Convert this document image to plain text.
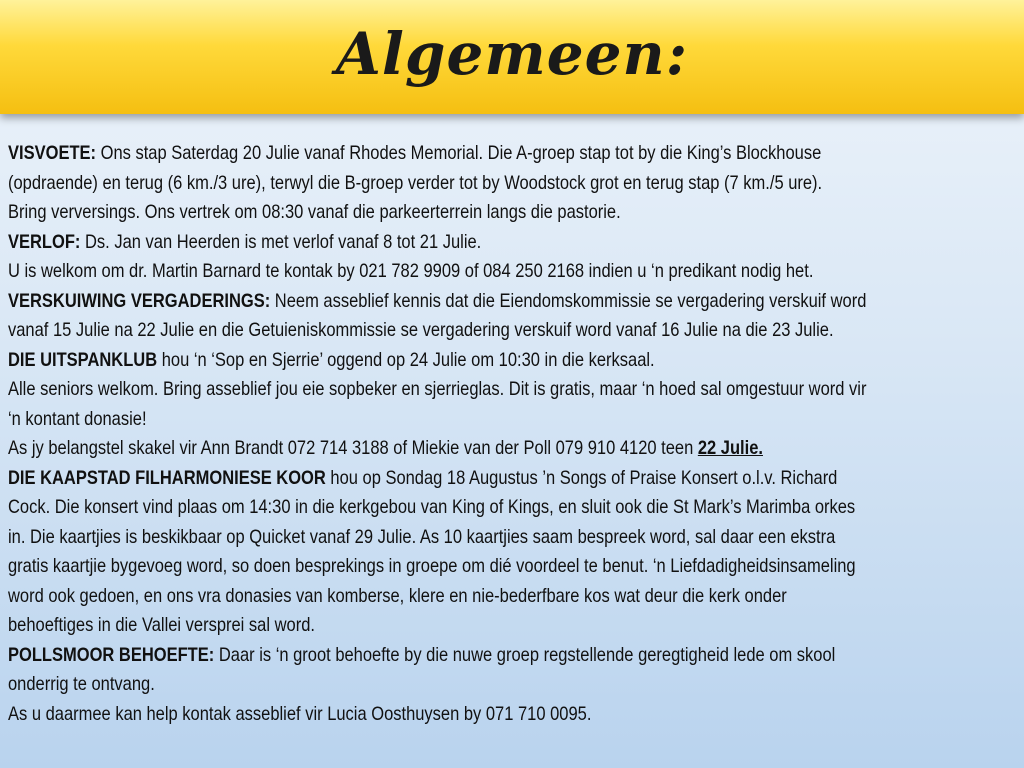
Algemeen:
VISVOETE: Ons stap Saterdag 20 Julie vanaf Rhodes Memorial. Die A-groep stap tot by die King’s Blockhouse
(opdraende) en terug (6 km./3 ure), terwyl die B-groep verder tot by Woodstock grot en terug stap (7 km./5 ure).
Bring verversings. Ons vertrek om 08:30 vanaf die parkeerterrein langs die pastorie.
VERLOF: Ds. Jan van Heerden is met verlof vanaf 8 tot 21 Julie.
U is welkom om dr. Martin Barnard te kontak by 021 782 9909 of 084 250 2168 indien u ‘n predikant nodig het.
VERSKUIWING VERGADERINGS: Neem asseblief kennis dat die Eiendomskommissie se vergadering verskuif word
vanaf 15 Julie na 22 Julie en die Getuieniskommissie se vergadering verskuif word vanaf 16 Julie na die 23 Julie.
DIE UITSPANKLUB hou ‘n ‘Sop en Sjerrie’ oggend op 24 Julie om 10:30 in die kerksaal.
Alle seniors welkom. Bring asseblief jou eie sopbeker en sjerrieglas. Dit is gratis, maar ‘n hoed sal omgestuur word vir
‘n kontant donasie!
As jy belangstel skakel vir Ann Brandt 072 714 3188 of Miekie van der Poll 079 910 4120 teen 22 Julie.
DIE KAAPSTAD FILHARMONIESE KOOR hou op Sondag 18 Augustus ’n Songs of Praise Konsert o.l.v. Richard
Cock. Die konsert vind plaas om 14:30 in die kerkgebou van King of Kings, en sluit ook die St Mark’s Marimba orkes
in. Die kaartjies is beskikbaar op Quicket vanaf 29 Julie. As 10 kaartjies saam bespreek word, sal daar een ekstra
gratis kaartjie bygevoeg word, so doen besprekings in groepe om dié voordeel te benut. ‘n Liefdadigheidsinsameling
word ook gedoen, en ons vra donasies van komberse, klere en nie-bederfbare kos wat deur die kerk onder
behoeftiges in die Vallei versprei sal word.
POLLSMOOR BEHOEFTE: Daar is ‘n groot behoefte by die nuwe groep regstellende geregtigheid lede om skool
onderrig te ontvang.
As u daarmee kan help kontak asseblief vir Lucia Oosthuysen by 071 710 0095.
